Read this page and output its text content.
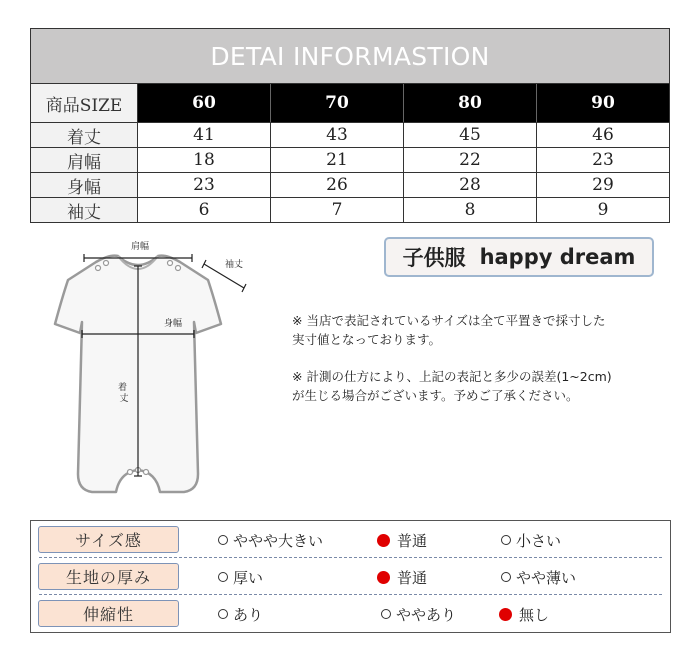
DETAI INFORMASTION
商品SIZE	60	70	80	90
着丈	41	43	45	46
肩幅	18	21	22	23
身幅	23	26	28	29
袖丈	6	7	8	9
肩幅
袖丈
身幅
着 丈
子供服 happy dream

※ 当店で表記されているサイズは全て平置きで採寸した
実寸値となっております。

※ 計測の仕方により、上記の表記と多少の誤差(1~2cm)
が生じる場合がございます。予めご了承ください。

サイズ感	ややや大きい	普通	小さい
生地の厚み	厚い	普通	やや薄い
伸縮性	あり	ややあり	無し
